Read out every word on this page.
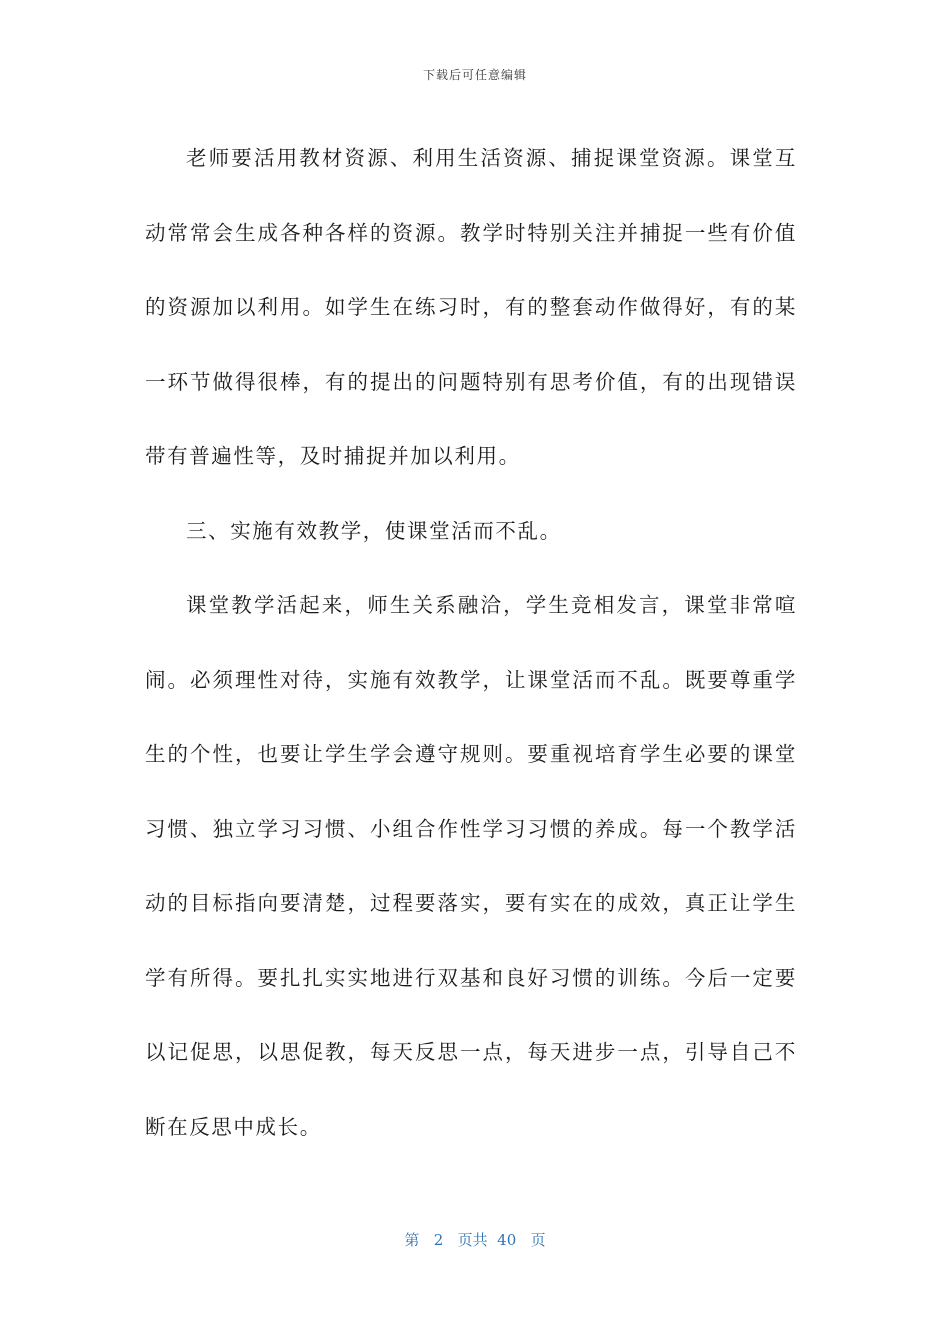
下载后可任意编辑

老师要活用教材资源、利用生活资源、捕捉课堂资源。课堂互动常常会生成各种各样的资源。教学时特别关注并捕捉一些有价值的资源加以利用。如学生在练习时，有的整套动作做得好，有的某一环节做得很棒，有的提出的问题特别有思考价值，有的出现错误带有普遍性等，及时捕捉并加以利用。

三、实施有效教学，使课堂活而不乱。

课堂教学活起来，师生关系融洽，学生竞相发言，课堂非常喧闹。必须理性对待，实施有效教学，让课堂活而不乱。既要尊重学生的个性，也要让学生学会遵守规则。要重视培育学生必要的课堂习惯、独立学习习惯、小组合作性学习习惯的养成。每一个教学活动的目标指向要清楚，过程要落实，要有实在的成效，真正让学生学有所得。要扎扎实实地进行双基和良好习惯的训练。今后一定要以记促思，以思促教，每天反思一点，每天进步一点，引导自己不断在反思中成长。

第 2 页共 40 页
